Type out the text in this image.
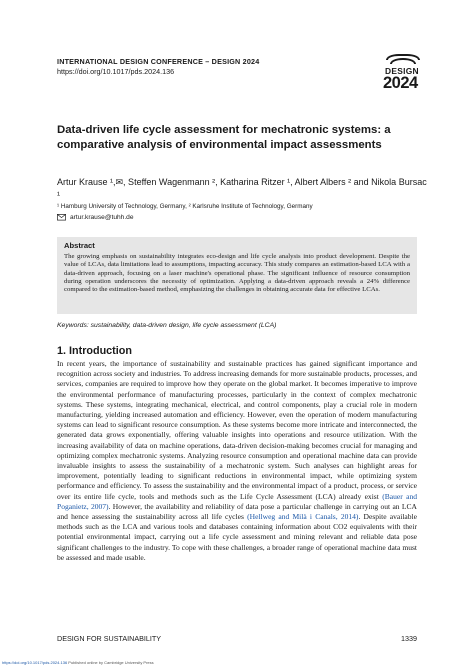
INTERNATIONAL DESIGN CONFERENCE – DESIGN 2024
https://doi.org/10.1017/pds.2024.136	DESIGN
2024
Data-driven life cycle assessment for mechatronic systems: a comparative analysis of environmental impact assessments
Artur Krause ¹,✉, Steffen Wagenmann ², Katharina Ritzer ¹, Albert Albers ² and Nikola Bursac ¹
¹ Hamburg University of Technology, Germany, ² Karlsruhe Institute of Technology, Germany
artur.krause@tuhh.de
Abstract

The growing emphasis on sustainability integrates eco-design and life cycle analysis into product development. Despite the value of LCAs, data limitations lead to assumptions, impacting accuracy. This study compares an estimation-based LCA with a data-driven approach, focusing on a laser machine's operational phase. The significant influence of resource consumption during operation underscores the necessity of optimization. Applying a data-driven approach reveals a 24% difference compared to the estimation-based method, emphasizing the challenges in obtaining accurate data for effective LCAs.

Keywords: sustainability, data-driven design, life cycle assessment (LCA)
1. Introduction
In recent years, the importance of sustainability and sustainable practices has gained significant importance and recognition across society and industries. To address increasing demands for more sustainable products, processes, and services, companies are required to improve how they operate on the global market. It becomes imperative to improve the environmental performance of manufacturing processes, particularly in the context of complex mechatronic systems. These systems, integrating mechanical, electrical, and control components, play a crucial role in modern manufacturing, yielding increased automation and efficiency. However, even the operation of modern manufacturing systems can lead to significant resource consumption. As these systems become more intricate and interconnected, the generated data grows exponentially, offering valuable insights into operations and resource utilization. With the increasing availability of data on machine operations, data-driven decision-making becomes crucial for managing and optimizing complex mechatronic systems. Analyzing resource consumption and operational machine data can provide invaluable insights to assess the sustainability of a mechatronic system. Such analyses can highlight areas for improvement, potentially leading to significant reductions in environmental impact, while optimizing system performance and efficiency. To assess the sustainability and the environmental impact of a product, process, or service over its entire life cycle, tools and methods such as the Life Cycle Assessment (LCA) already exist (Bauer and Poganietz, 2007). However, the availability and reliability of data pose a particular challenge in carrying out an LCA and hence assessing the sustainability across all life cycles (Hellweg and Milà i Canals, 2014). Despite available methods such as the LCA and various tools and databases containing information about CO2 equivalents with their potential environmental impact, carrying out a life cycle assessment and mining relevant and reliable data pose significant challenges to the industry. To cope with these challenges, a broader range of operational machine data must be assessed and made usable.
DESIGN FOR SUSTAINABILITY	1339
https://doi.org/10.1017/pds.2024.136 Published online by Cambridge University Press
